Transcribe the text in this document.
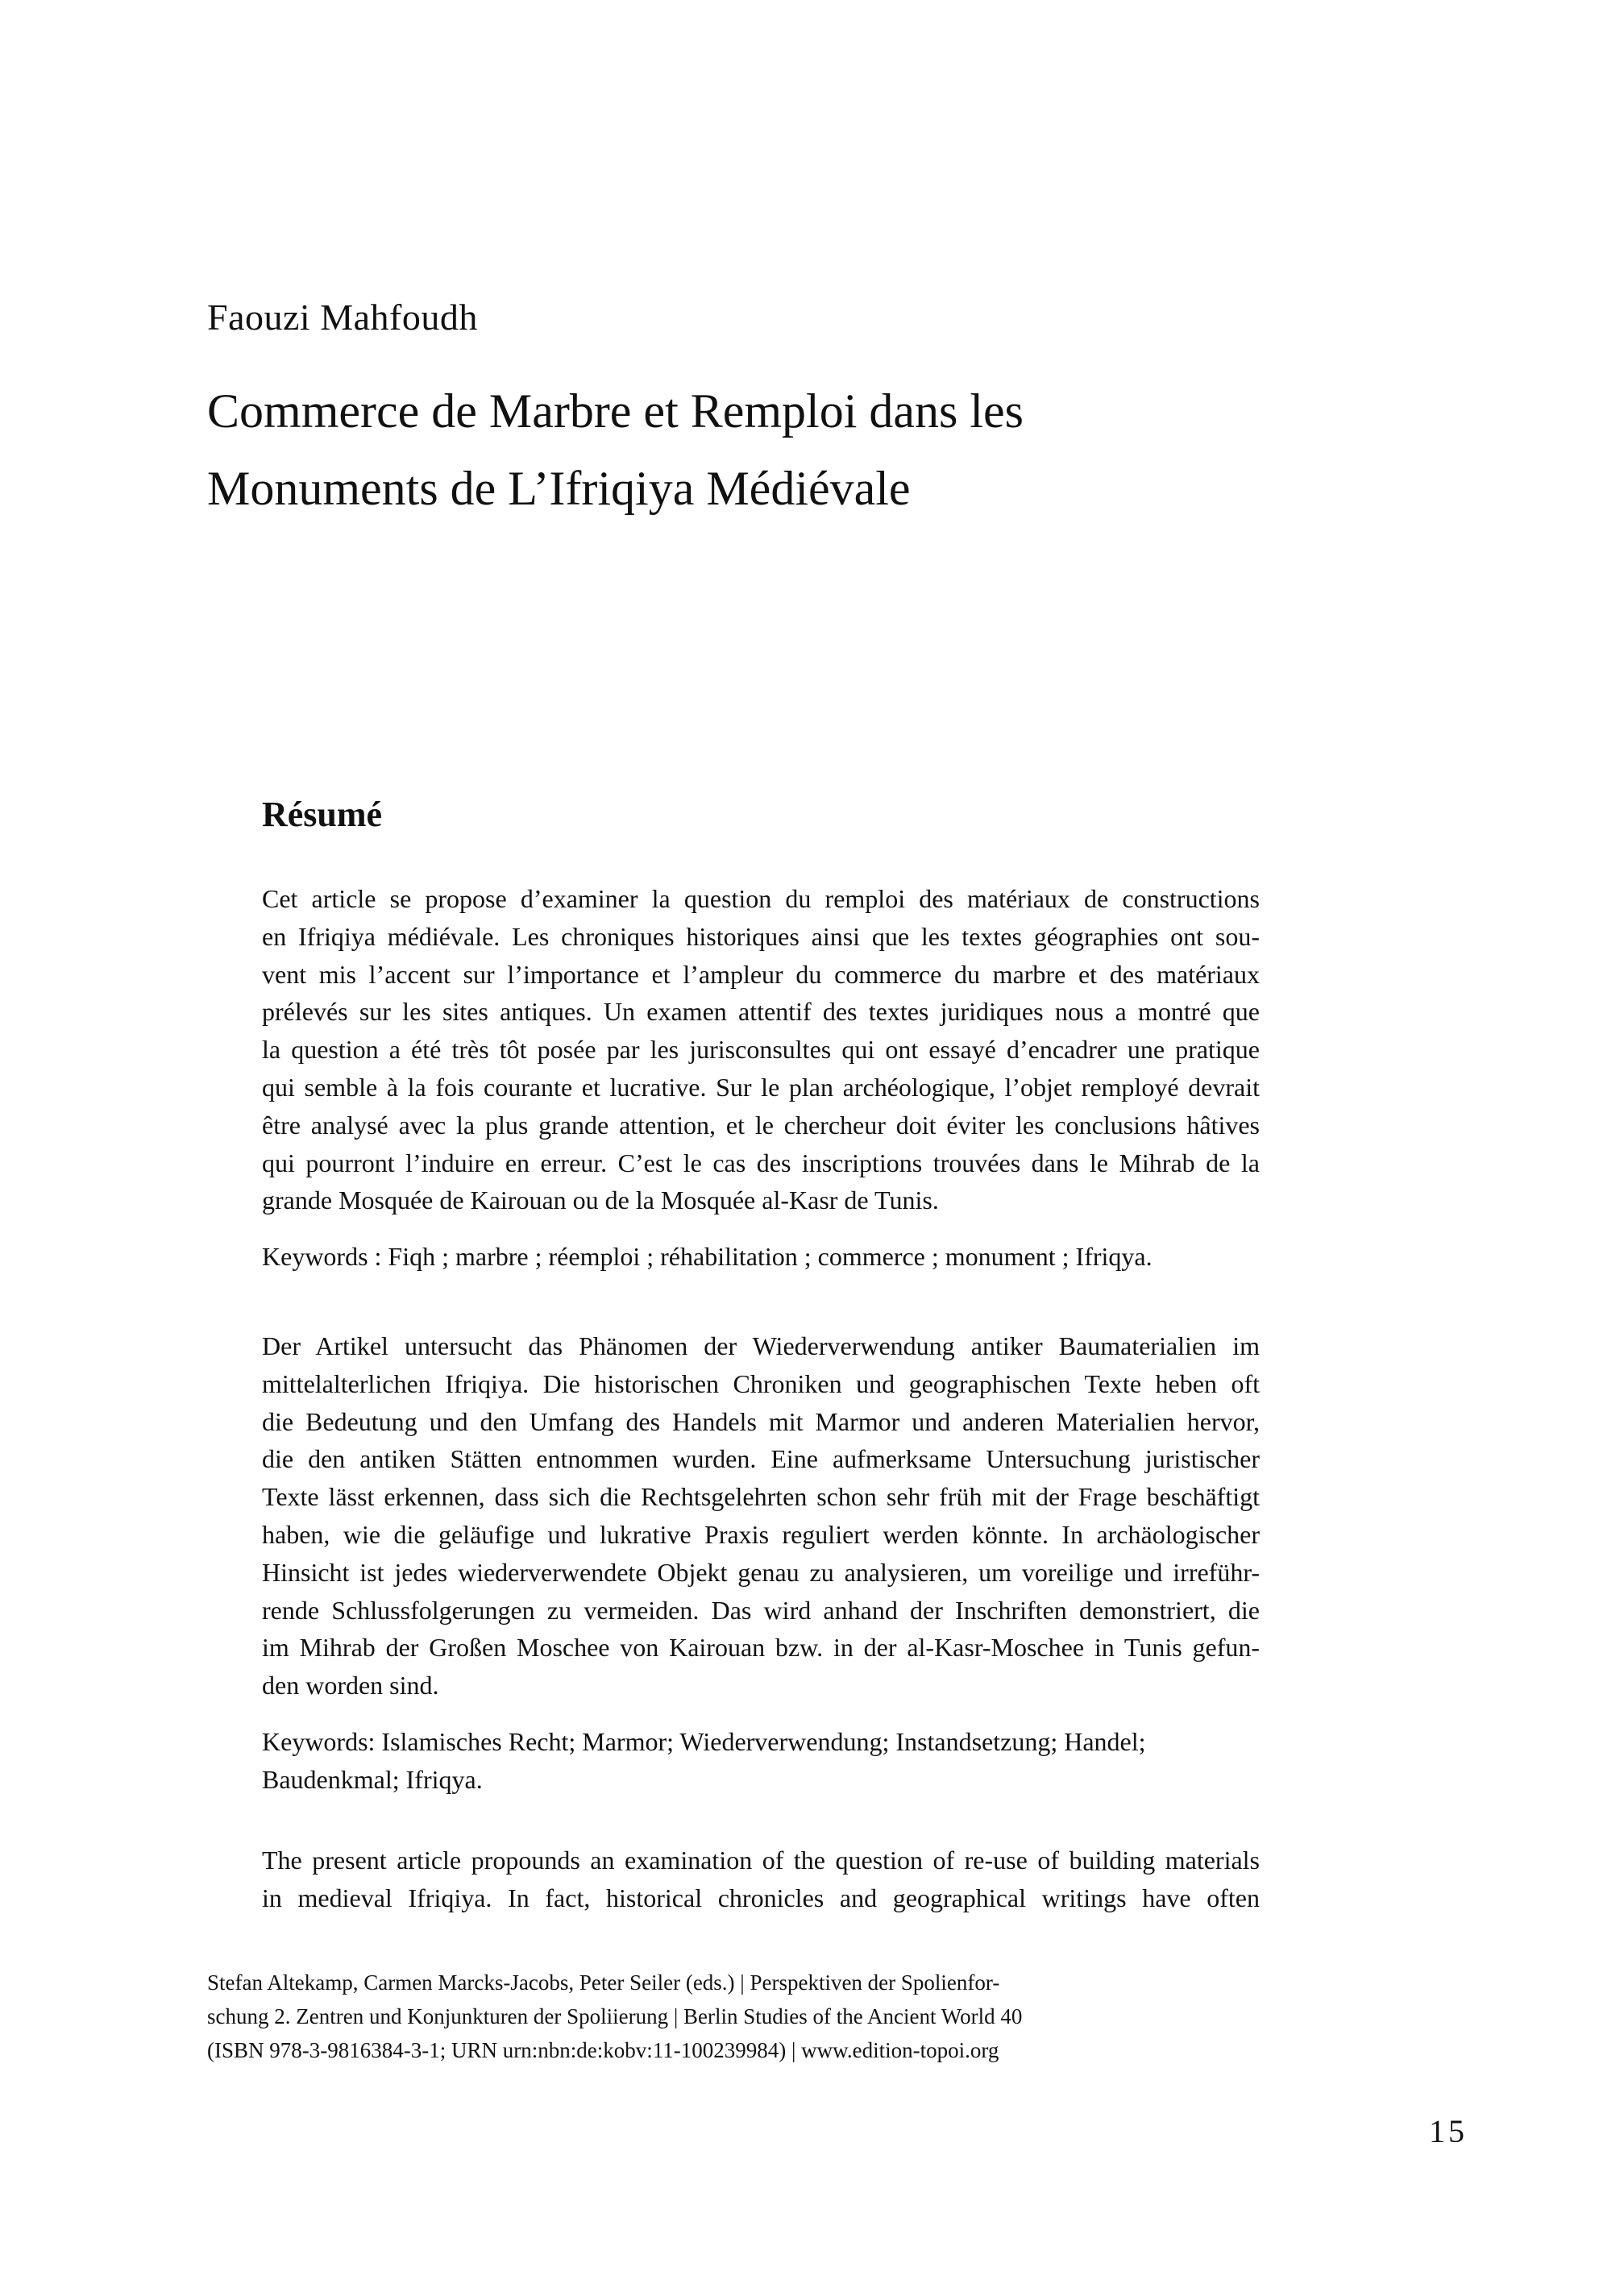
Faouzi Mahfoudh
Commerce de Marbre et Remploi dans les
Monuments de L’Ifriqiya Médiévale
Résumé

Cet article se propose d’examiner la question du remploi des matériaux de constructions
en Ifriqiya médiévale. Les chroniques historiques ainsi que les textes géographies ont sou-
vent mis l’accent sur l’importance et l’ampleur du commerce du marbre et des matériaux
prélevés sur les sites antiques. Un examen attentif des textes juridiques nous a montré que
la question a été très tôt posée par les jurisconsultes qui ont essayé d’encadrer une pratique
qui semble à la fois courante et lucrative. Sur le plan archéologique, l’objet remployé devrait
être analysé avec la plus grande attention, et le chercheur doit éviter les conclusions hâtives
qui pourront l’induire en erreur. C’est le cas des inscriptions trouvées dans le Mihrab de la
grande Mosquée de Kairouan ou de la Mosquée al-Kasr de Tunis.

Keywords : Fiqh ; marbre ; réemploi ; réhabilitation ; commerce ; monument ; Ifriqya.

Der Artikel untersucht das Phänomen der Wiederverwendung antiker Baumaterialien im
mittelalterlichen Ifriqiya. Die historischen Chroniken und geographischen Texte heben oft
die Bedeutung und den Umfang des Handels mit Marmor und anderen Materialien hervor,
die den antiken Stätten entnommen wurden. Eine aufmerksame Untersuchung juristischer
Texte lässt erkennen, dass sich die Rechtsgelehrten schon sehr früh mit der Frage beschäftigt
haben, wie die geläufige und lukrative Praxis reguliert werden könnte. In archäologischer
Hinsicht ist jedes wiederverwendete Objekt genau zu analysieren, um voreilige und irreführ-
rende Schlussfolgerungen zu vermeiden. Das wird anhand der Inschriften demonstriert, die
im Mihrab der Großen Moschee von Kairouan bzw. in der al-Kasr-Moschee in Tunis gefun-
den worden sind.

Keywords: Islamisches Recht; Marmor; Wiederverwendung; Instandsetzung; Handel;
Baudenkmal; Ifriqya.

The present article propounds an examination of the question of re-use of building materials
in medieval Ifriqiya. In fact, historical chronicles and geographical writings have often

Stefan Altekamp, Carmen Marcks-Jacobs, Peter Seiler (eds.) | Perspektiven der Spolienfor-
schung 2. Zentren und Konjunkturen der Spoliierung | Berlin Studies of the Ancient World 40
(ISBN 978-3-9816384-3-1; URN urn:nbn:de:kobv:11-100239984) | www.edition-topoi.org

15
